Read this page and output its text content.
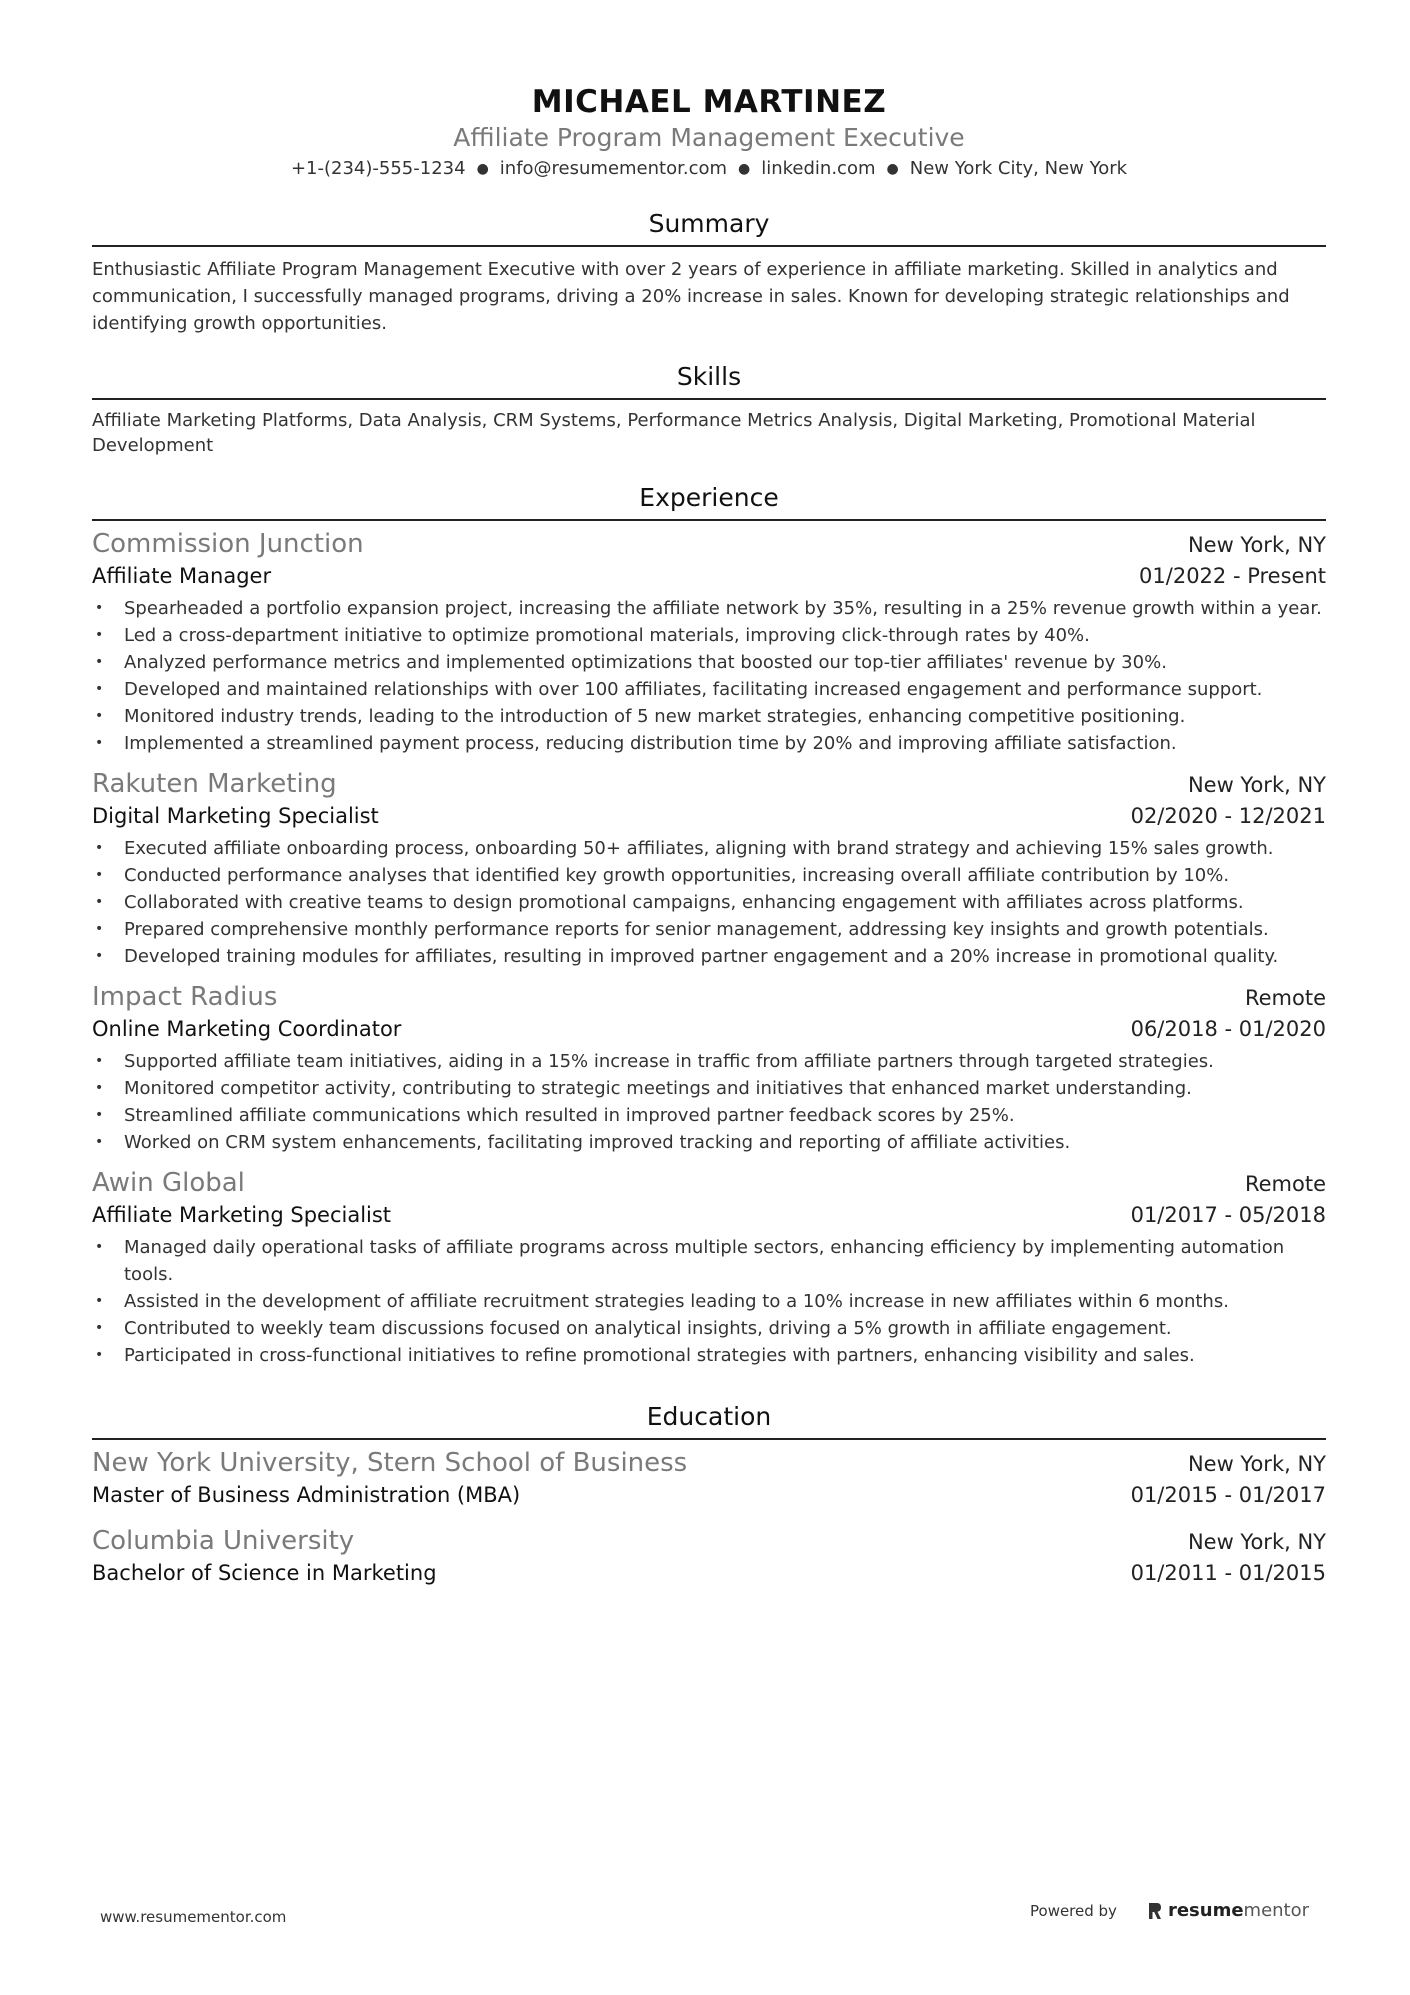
MICHAEL MARTINEZ
Affiliate Program Management Executive
+1-(234)-555-1234 ● info@resumementor.com ● linkedin.com ● New York City, New York
Summary
Enthusiastic Affiliate Program Management Executive with over 2 years of experience in affiliate marketing. Skilled in analytics and communication, I successfully managed programs, driving a 20% increase in sales. Known for developing strategic relationships and identifying growth opportunities.
Skills
Affiliate Marketing Platforms, Data Analysis, CRM Systems, Performance Metrics Analysis, Digital Marketing, Promotional Material Development
Experience
Commission Junction	New York, NY
Affiliate Manager	01/2022 - Present
• Spearheaded a portfolio expansion project, increasing the affiliate network by 35%, resulting in a 25% revenue growth within a year.
• Led a cross-department initiative to optimize promotional materials, improving click-through rates by 40%.
• Analyzed performance metrics and implemented optimizations that boosted our top-tier affiliates' revenue by 30%.
• Developed and maintained relationships with over 100 affiliates, facilitating increased engagement and performance support.
• Monitored industry trends, leading to the introduction of 5 new market strategies, enhancing competitive positioning.
• Implemented a streamlined payment process, reducing distribution time by 20% and improving affiliate satisfaction.
Rakuten Marketing	New York, NY
Digital Marketing Specialist	02/2020 - 12/2021
• Executed affiliate onboarding process, onboarding 50+ affiliates, aligning with brand strategy and achieving 15% sales growth.
• Conducted performance analyses that identified key growth opportunities, increasing overall affiliate contribution by 10%.
• Collaborated with creative teams to design promotional campaigns, enhancing engagement with affiliates across platforms.
• Prepared comprehensive monthly performance reports for senior management, addressing key insights and growth potentials.
• Developed training modules for affiliates, resulting in improved partner engagement and a 20% increase in promotional quality.
Impact Radius	Remote
Online Marketing Coordinator	06/2018 - 01/2020
• Supported affiliate team initiatives, aiding in a 15% increase in traffic from affiliate partners through targeted strategies.
• Monitored competitor activity, contributing to strategic meetings and initiatives that enhanced market understanding.
• Streamlined affiliate communications which resulted in improved partner feedback scores by 25%.
• Worked on CRM system enhancements, facilitating improved tracking and reporting of affiliate activities.
Awin Global	Remote
Affiliate Marketing Specialist	01/2017 - 05/2018
• Managed daily operational tasks of affiliate programs across multiple sectors, enhancing efficiency by implementing automation tools.
• Assisted in the development of affiliate recruitment strategies leading to a 10% increase in new affiliates within 6 months.
• Contributed to weekly team discussions focused on analytical insights, driving a 5% growth in affiliate engagement.
• Participated in cross-functional initiatives to refine promotional strategies with partners, enhancing visibility and sales.
Education
New York University, Stern School of Business	New York, NY
Master of Business Administration (MBA)	01/2015 - 01/2017
Columbia University	New York, NY
Bachelor of Science in Marketing	01/2011 - 01/2015
www.resumementor.com	Powered by	resume mentor
